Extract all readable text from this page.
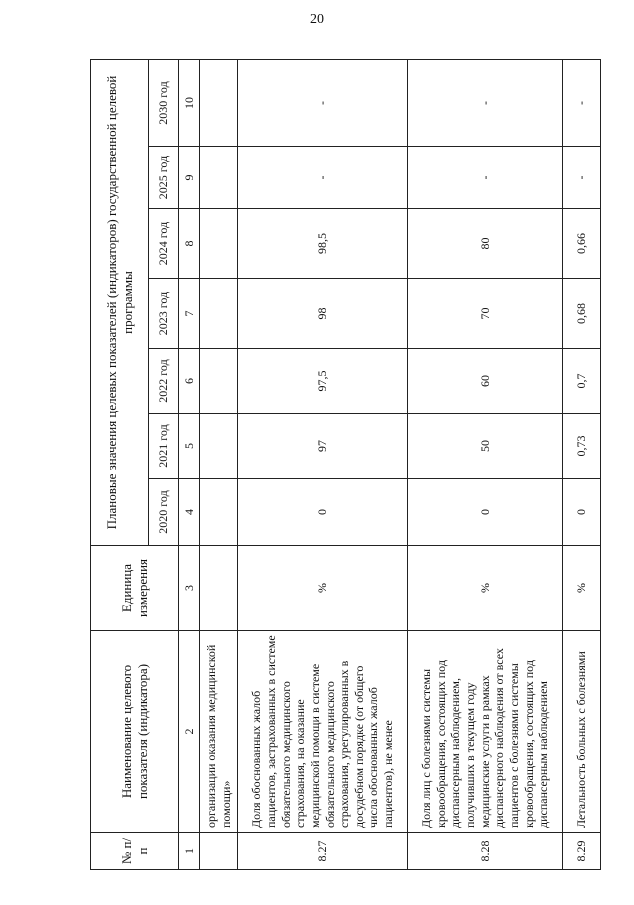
20
№ п/п	Наименование целевого показателя (индикатора)	Единица измерения	Плановые значения целевых показателей (индикаторов) государственной целевой программы						
			2020 год	2021 год	2022 год	2023 год	2024 год	2025 год	2030 год
1	2	3	4	5	6	7	8	9	10
	организации оказания медицинской помощи»								
8.27	Доля обоснованных жалоб пациентов, застрахованных в системе обязательного медицинского страхования, на оказание медицинской помощи в системе обязательного медицинского страхования, урегулированных в досудебном порядке (от общего числа обоснованных жалоб пациентов), не менее	%	0	97	97,5	98	98,5	-	-
8.28	Доля лиц с болезнями системы кровообращения, состоящих под диспансерным наблюдением, получивших в текущем году медицинские услуги в рамках диспансерного наблюдения от всех пациентов с болезнями системы кровообращения, состоящих под диспансерным наблюдением	%	0	50	60	70	80	-	-
8.29	Летальность больных с болезнями	%	0	0,73	0,7	0,68	0,66	-	-
